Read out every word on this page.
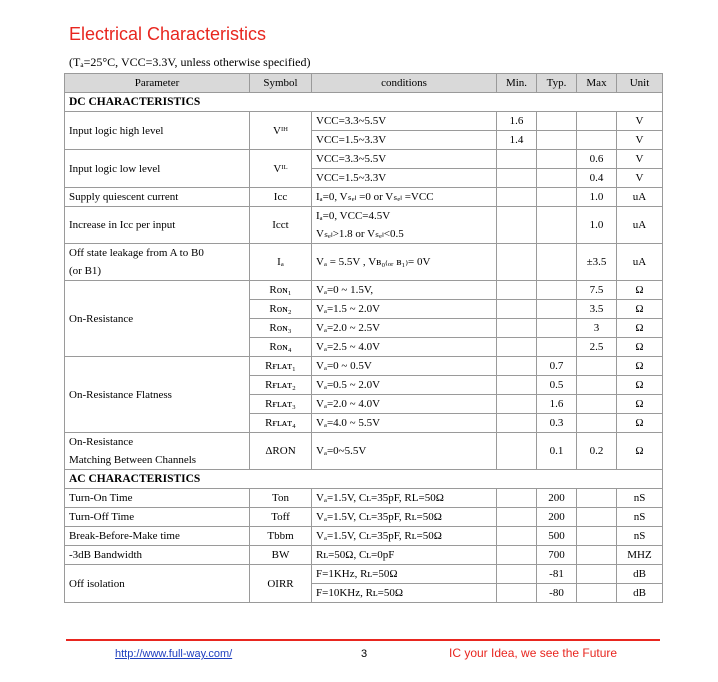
Electrical Characteristics
(Tₐ=25°C, VCC=3.3V, unless otherwise specified)
Parameter	Symbol	conditions	Min.	Typ.	Max	Unit
DC CHARACTERISTICS						
Input logic high level	Vᴵᴴ	VCC=3.3~5.5V	1.6			V
		VCC=1.5~3.3V	1.4			V
Input logic low level	Vᴵᴸ	VCC=3.3~5.5V			0.6	V
		VCC=1.5~3.3V			0.4	V
Supply quiescent current	Icc	Iₐ=0, Vₛₑₗ =0 or Vₛₑₗ =VCC			1.0	uA
Increase in Icc per input	Icct	Iₐ=0, VCC=4.5V			1.0	uA
		Vₛₑₗ>1.8 or Vₛₑₗ<0.5				
Off state leakage from A to B0
(or B1)	Iₐ	Vₐ = 5.5V , Vʙ₀₍ₒᵣ ʙ₁₎= 0V			±3.5	uA
On-Resistance	Rᴏɴ₁	Vₐ=0 ~ 1.5V,			7.5	Ω
	Rᴏɴ₂	Vₐ=1.5 ~ 2.0V			3.5	Ω
	Rᴏɴ₃	Vₐ=2.0 ~ 2.5V			3	Ω
	Rᴏɴ₄	Vₐ=2.5 ~ 4.0V			2.5	Ω
On-Resistance Flatness	Rғʟᴀᴛ₁	Vₐ=0 ~ 0.5V		0.7		Ω
	Rғʟᴀᴛ₂	Vₐ=0.5 ~ 2.0V		0.5		Ω
	Rғʟᴀᴛ₃	Vₐ=2.0 ~ 4.0V		1.6		Ω
	Rғʟᴀᴛ₄	Vₐ=4.0 ~ 5.5V		0.3		Ω
On-Resistance
Matching Between Channels	ΔRON	Vₐ=0~5.5V		0.1	0.2	Ω
AC CHARACTERISTICS						
Turn-On Time	Ton	Vₐ=1.5V, Cʟ=35pF, RL=50Ω		200		nS
Turn-Off Time	Toff	Vₐ=1.5V, Cʟ=35pF, Rʟ=50Ω		200		nS
Break-Before-Make time	Tbbm	Vₐ=1.5V, Cʟ=35pF, Rʟ=50Ω		500		nS
-3dB Bandwidth	BW	Rʟ=50Ω, Cʟ=0pF		700		MHZ
Off isolation	OIRR	F=1KHz, Rʟ=50Ω		-81		dB
		F=10KHz, Rʟ=50Ω		-80		dB
http://www.full-way.com/	3	IC your Idea, we see the Future
